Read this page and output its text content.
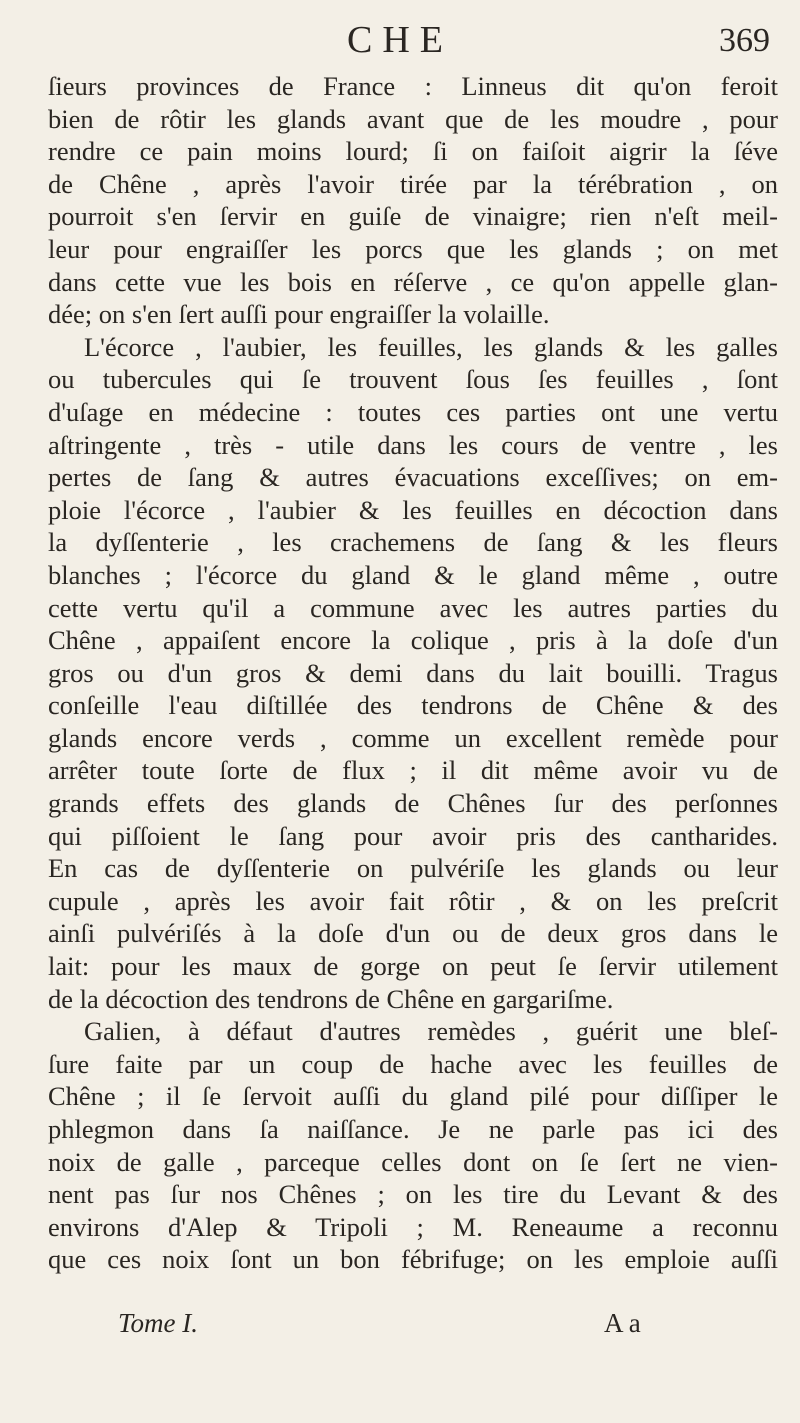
CHE	369
ſieurs provinces de France : Linneus dit qu'on feroit
bien de rôtir les glands avant que de les moudre , pour
rendre ce pain moins lourd; ſi on faiſoit aigrir la ſéve
de Chêne , après l'avoir tirée par la térébration , on
pourroit s'en ſervir en guiſe de vinaigre; rien n'eſt meil-
leur pour engraiſſer les porcs que les glands ; on met
dans cette vue les bois en réſerve , ce qu'on appelle glan-
dée; on s'en ſert auſſi pour engraiſſer la volaille.
L'écorce , l'aubier, les feuilles, les glands & les galles
ou tubercules qui ſe trouvent ſous ſes feuilles , ſont
d'uſage en médecine : toutes ces parties ont une vertu
aſtringente , très - utile dans les cours de ventre , les
pertes de ſang & autres évacuations exceſſives; on em-
ploie l'écorce , l'aubier & les feuilles en décoction dans
la dyſſenterie , les crachemens de ſang & les fleurs
blanches ; l'écorce du gland & le gland même , outre
cette vertu qu'il a commune avec les autres parties du
Chêne , appaiſent encore la colique , pris à la doſe d'un
gros ou d'un gros & demi dans du lait bouilli. Tragus
conſeille l'eau diſtillée des tendrons de Chêne & des
glands encore verds , comme un excellent remède pour
arrêter toute ſorte de flux ; il dit même avoir vu de
grands effets des glands de Chênes ſur des perſonnes
qui piſſoient le ſang pour avoir pris des cantharides.
En cas de dyſſenterie on pulvériſe les glands ou leur
cupule , après les avoir fait rôtir , & on les preſcrit
ainſi pulvériſés à la doſe d'un ou de deux gros dans le
lait: pour les maux de gorge on peut ſe ſervir utilement
de la décoction des tendrons de Chêne en gargariſme.
Galien, à défaut d'autres remèdes , guérit une bleſ-
ſure faite par un coup de hache avec les feuilles de
Chêne ; il ſe ſervoit auſſi du gland pilé pour diſſiper le
phlegmon dans ſa naiſſance. Je ne parle pas ici des
noix de galle , parceque celles dont on ſe ſert ne vien-
nent pas ſur nos Chênes ; on les tire du Levant & des
environs d'Alep & Tripoli ; M. Reneaume a reconnu
que ces noix ſont un bon fébrifuge; on les emploie auſſi
Tome I.	A a
